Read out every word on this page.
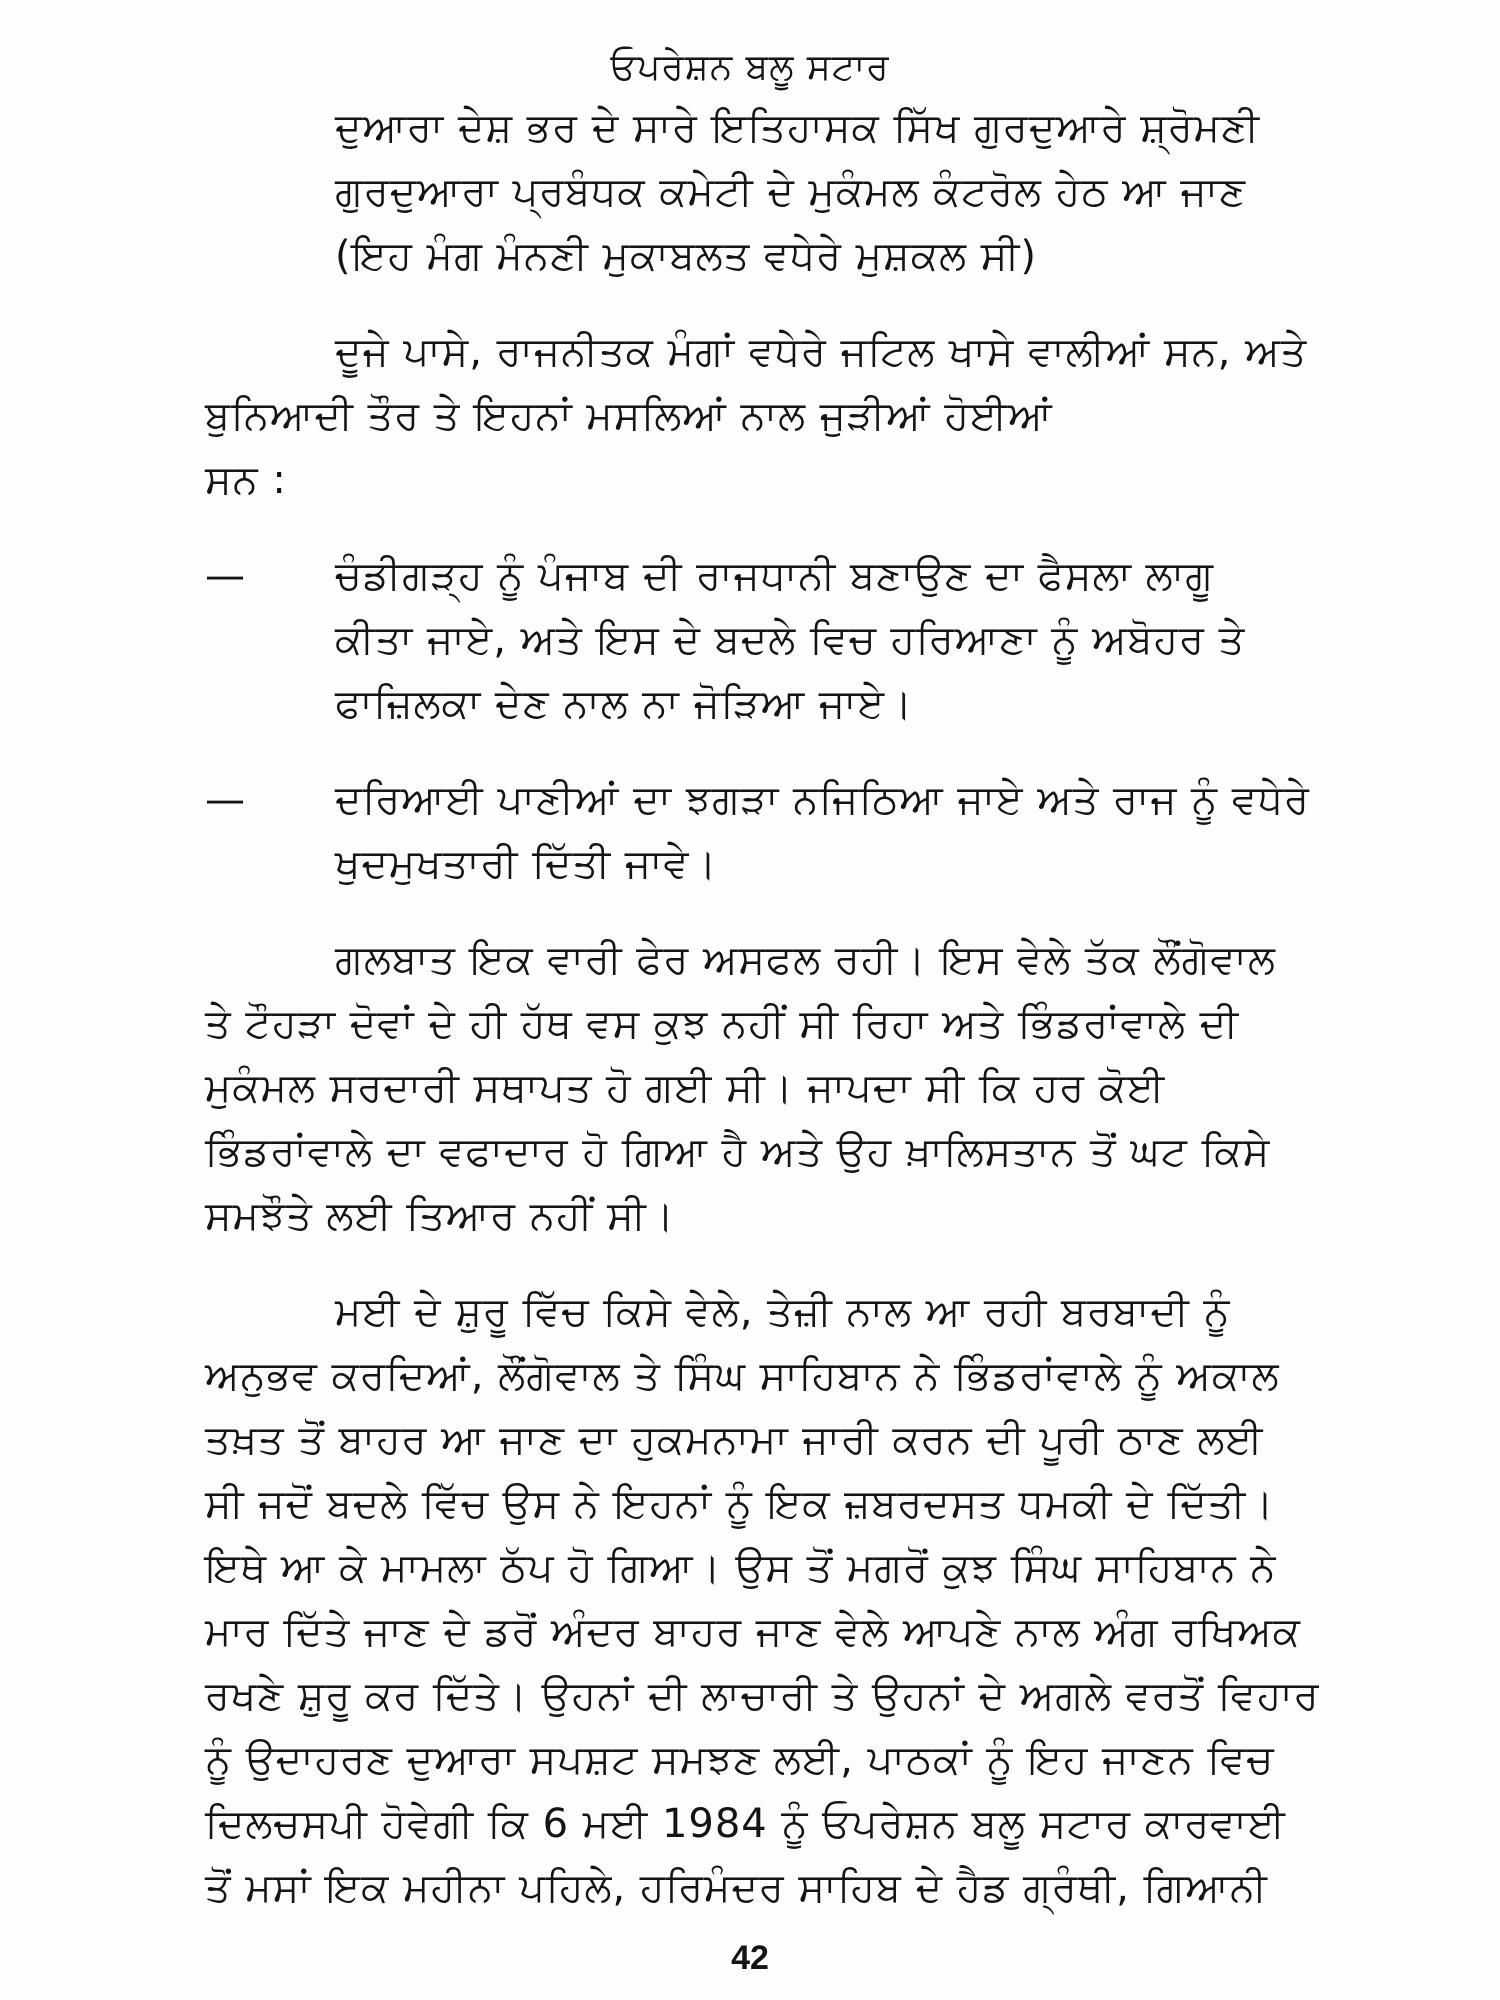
ਓਪਰੇਸ਼ਨ ਬਲੂ ਸਟਾਰ
ਦੁਆਰਾ ਦੇਸ਼ ਭਰ ਦੇ ਸਾਰੇ ਇਤਿਹਾਸਕ ਸਿੱਖ ਗੁਰਦੁਆਰੇ ਸ਼੍ਰੋਮਣੀ
ਗੁਰਦੁਆਰਾ ਪ੍ਰਬੰਧਕ ਕਮੇਟੀ ਦੇ ਮੁਕੰਮਲ ਕੰਟਰੋਲ ਹੇਠ ਆ ਜਾਣ
(ਇਹ ਮੰਗ ਮੰਨਣੀ ਮੁਕਾਬਲਤ ਵਧੇਰੇ ਮੁਸ਼ਕਲ ਸੀ)
ਦੂਜੇ ਪਾਸੇ, ਰਾਜਨੀਤਕ ਮੰਗਾਂ ਵਧੇਰੇ ਜਟਿਲ ਖਾਸੇ ਵਾਲੀਆਂ ਸਨ, ਅਤੇ
ਬੁਨਿਆਦੀ ਤੌਰ ਤੇ ਇਹਨਾਂ ਮਸਲਿਆਂ ਨਾਲ ਜੁੜੀਆਂ ਹੋਈਆਂ
ਸਨ :
—	ਚੰਡੀਗੜ੍ਹ ਨੂੰ ਪੰਜਾਬ ਦੀ ਰਾਜਧਾਨੀ ਬਣਾਉਣ ਦਾ ਫੈਸਲਾ ਲਾਗੂ
ਕੀਤਾ ਜਾਏ, ਅਤੇ ਇਸ ਦੇ ਬਦਲੇ ਵਿਚ ਹਰਿਆਣਾ ਨੂੰ ਅਬੋਹਰ ਤੇ
ਫਾਜ਼ਿਲਕਾ ਦੇਣ ਨਾਲ ਨਾ ਜੋੜਿਆ ਜਾਏ।
—	ਦਰਿਆਈ ਪਾਣੀਆਂ ਦਾ ਝਗੜਾ ਨਜਿਠਿਆ ਜਾਏ ਅਤੇ ਰਾਜ ਨੂੰ ਵਧੇਰੇ
ਖੁਦਮੁਖਤਾਰੀ ਦਿੱਤੀ ਜਾਵੇ।
ਗਲਬਾਤ ਇਕ ਵਾਰੀ ਫੇਰ ਅਸਫਲ ਰਹੀ। ਇਸ ਵੇਲੇ ਤੱਕ ਲੌਂਗੋਵਾਲ
ਤੇ ਟੌਹੜਾ ਦੋਵਾਂ ਦੇ ਹੀ ਹੱਥ ਵਸ ਕੁਝ ਨਹੀਂ ਸੀ ਰਿਹਾ ਅਤੇ ਭਿੰਡਰਾਂਵਾਲੇ ਦੀ
ਮੁਕੰਮਲ ਸਰਦਾਰੀ ਸਥਾਪਤ ਹੋ ਗਈ ਸੀ। ਜਾਪਦਾ ਸੀ ਕਿ ਹਰ ਕੋਈ
ਭਿੰਡਰਾਂਵਾਲੇ ਦਾ ਵਫਾਦਾਰ ਹੋ ਗਿਆ ਹੈ ਅਤੇ ਉਹ ਖ਼ਾਲਿਸਤਾਨ ਤੋਂ ਘਟ ਕਿਸੇ
ਸਮਝੌਤੇ ਲਈ ਤਿਆਰ ਨਹੀਂ ਸੀ।
ਮਈ ਦੇ ਸ਼ੁਰੂ ਵਿੱਚ ਕਿਸੇ ਵੇਲੇ, ਤੇਜ਼ੀ ਨਾਲ ਆ ਰਹੀ ਬਰਬਾਦੀ ਨੂੰ
ਅਨੁਭਵ ਕਰਦਿਆਂ, ਲੌਂਗੋਵਾਲ ਤੇ ਸਿੰਘ ਸਾਹਿਬਾਨ ਨੇ ਭਿੰਡਰਾਂਵਾਲੇ ਨੂੰ ਅਕਾਲ
ਤਖ਼ਤ ਤੋਂ ਬਾਹਰ ਆ ਜਾਣ ਦਾ ਹੁਕਮਨਾਮਾ ਜਾਰੀ ਕਰਨ ਦੀ ਪੂਰੀ ਠਾਣ ਲਈ
ਸੀ ਜਦੋਂ ਬਦਲੇ ਵਿੱਚ ਉਸ ਨੇ ਇਹਨਾਂ ਨੂੰ ਇਕ ਜ਼ਬਰਦਸਤ ਧਮਕੀ ਦੇ ਦਿੱਤੀ।
ਇਥੇ ਆ ਕੇ ਮਾਮਲਾ ਠੱਪ ਹੋ ਗਿਆ। ਉਸ ਤੋਂ ਮਗਰੋਂ ਕੁਝ ਸਿੰਘ ਸਾਹਿਬਾਨ ਨੇ
ਮਾਰ ਦਿੱਤੇ ਜਾਣ ਦੇ ਡਰੋਂ ਅੰਦਰ ਬਾਹਰ ਜਾਣ ਵੇਲੇ ਆਪਣੇ ਨਾਲ ਅੰਗ ਰਖਿਅਕ
ਰਖਣੇ ਸ਼ੁਰੂ ਕਰ ਦਿੱਤੇ। ਉਹਨਾਂ ਦੀ ਲਾਚਾਰੀ ਤੇ ਉਹਨਾਂ ਦੇ ਅਗਲੇ ਵਰਤੋਂ ਵਿਹਾਰ
ਨੂੰ ਉਦਾਹਰਣ ਦੁਆਰਾ ਸਪਸ਼ਟ ਸਮਝਣ ਲਈ, ਪਾਠਕਾਂ ਨੂੰ ਇਹ ਜਾਣਨ ਵਿਚ
ਦਿਲਚਸਪੀ ਹੋਵੇਗੀ ਕਿ 6 ਮਈ 1984 ਨੂੰ ਓਪਰੇਸ਼ਨ ਬਲੂ ਸਟਾਰ ਕਾਰਵਾਈ
ਤੋਂ ਮਸਾਂ ਇਕ ਮਹੀਨਾ ਪਹਿਲੇ, ਹਰਿਮੰਦਰ ਸਾਹਿਬ ਦੇ ਹੈਡ ਗ੍ਰੰਥੀ, ਗਿਆਨੀ
42
